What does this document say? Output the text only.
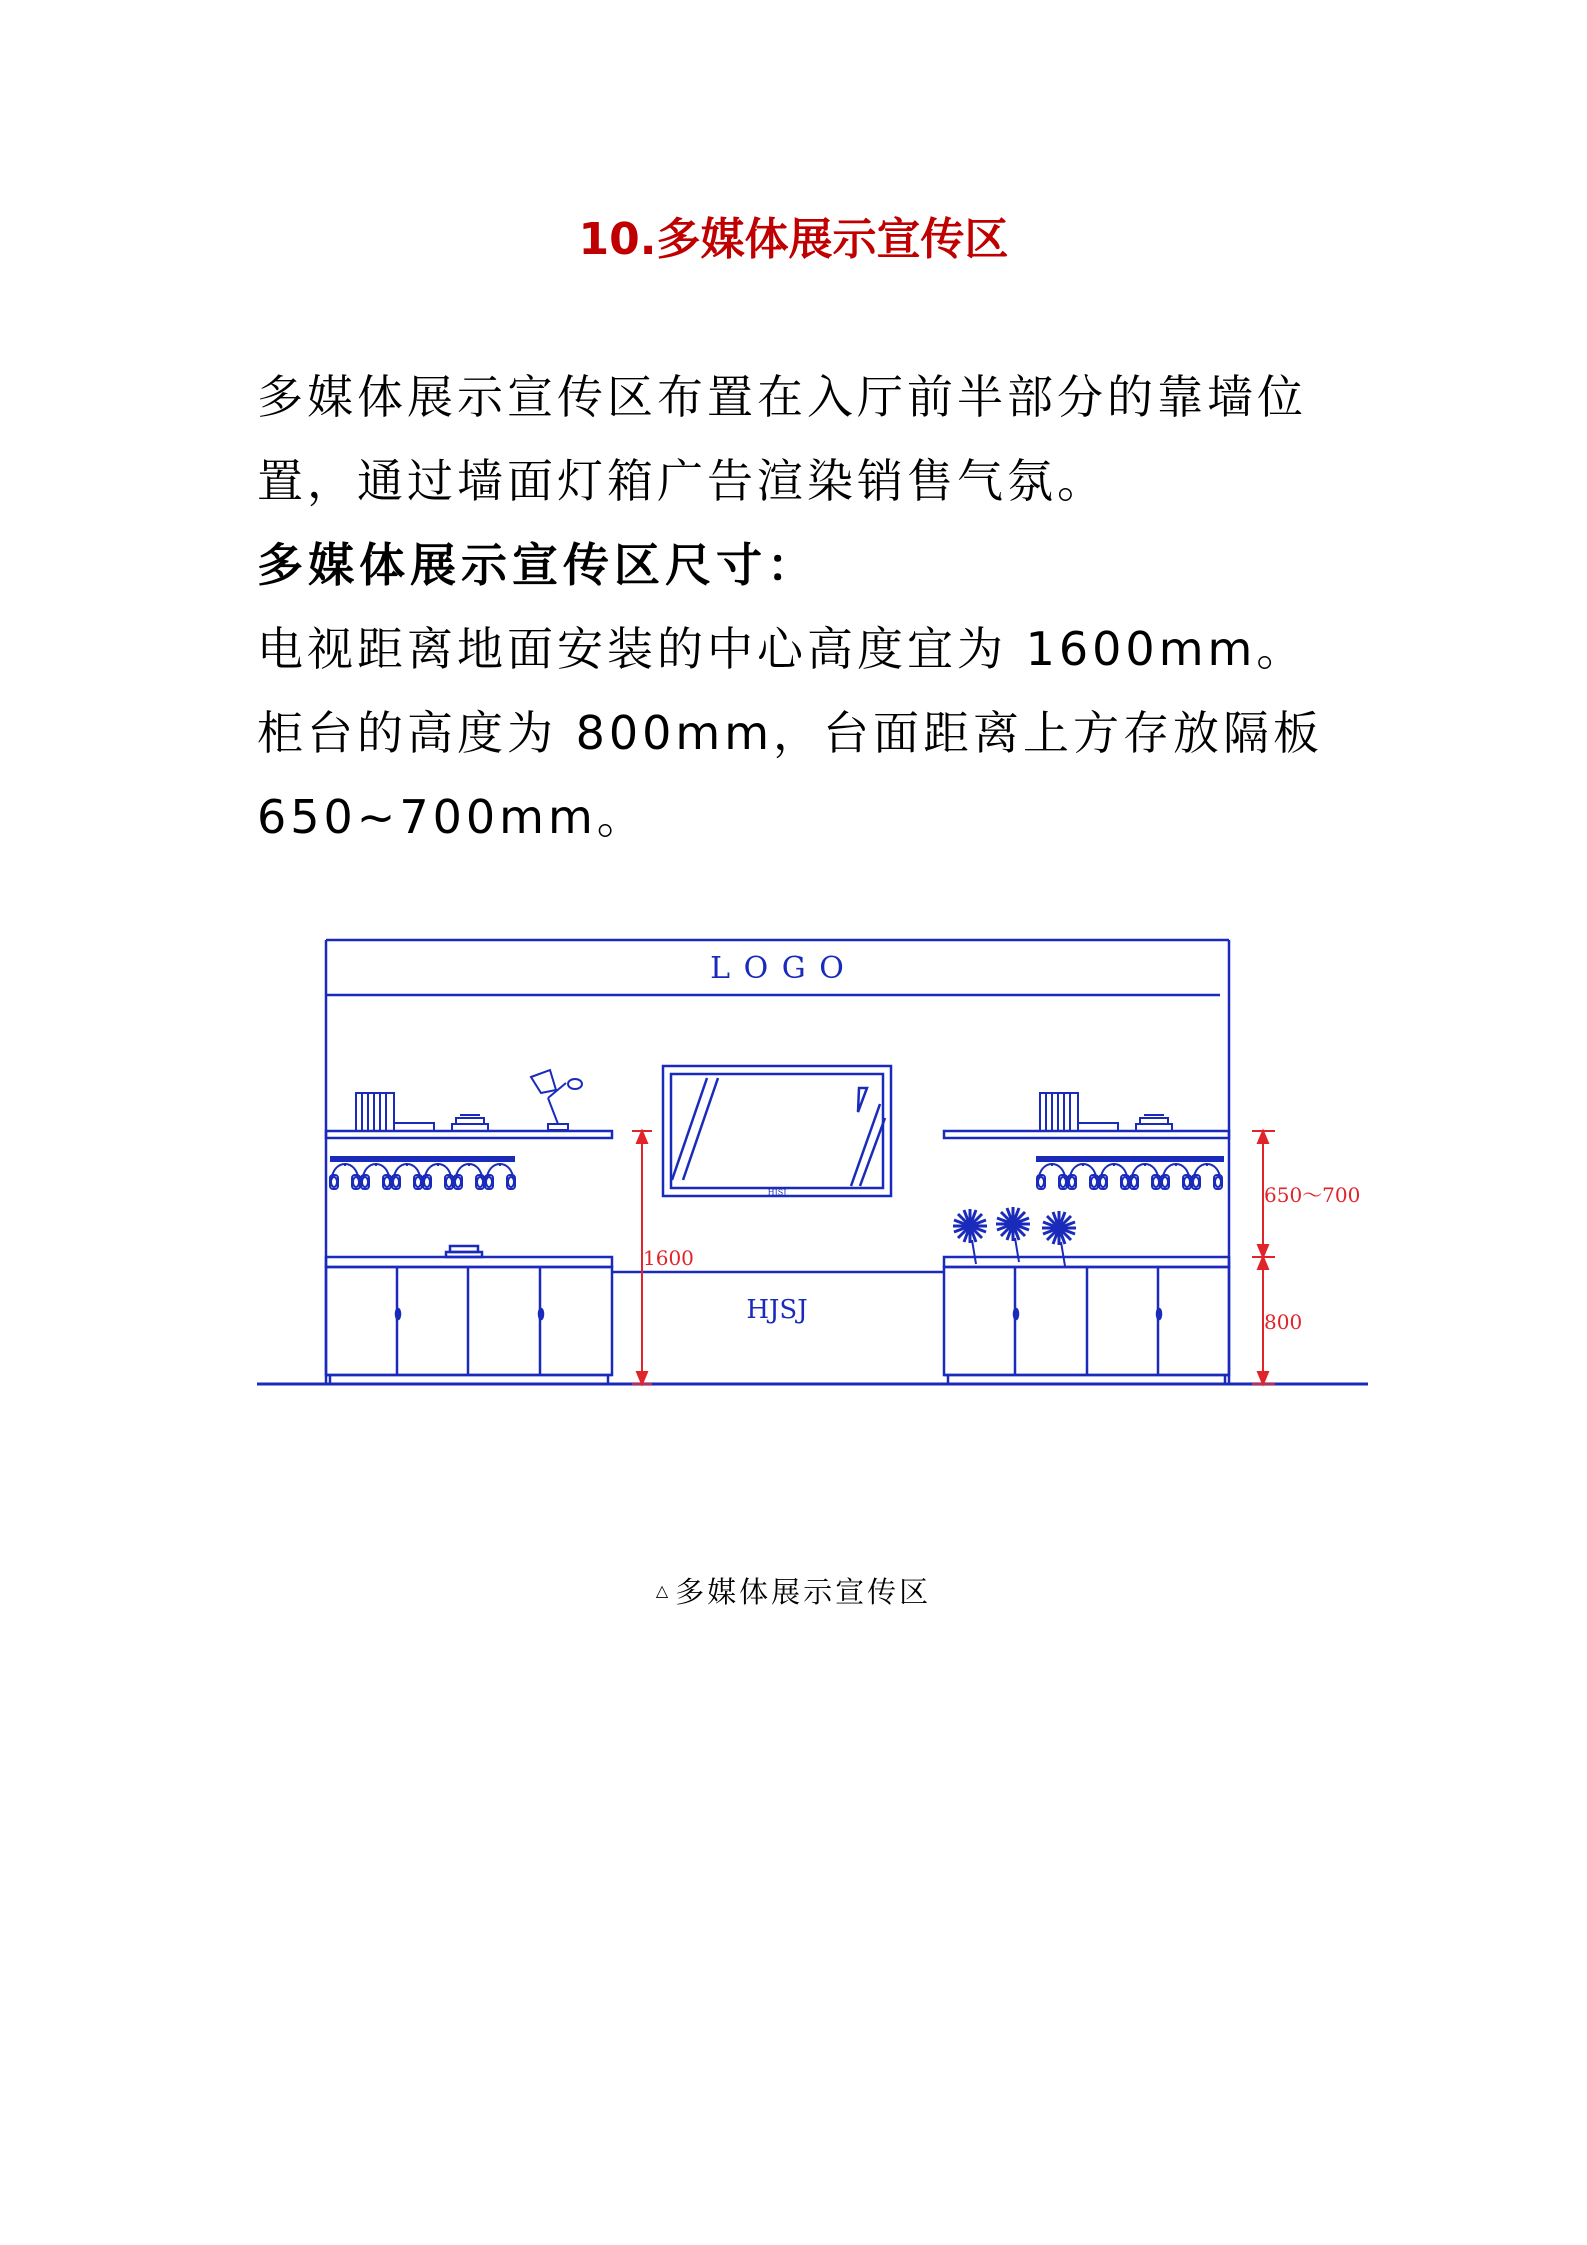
10.多媒体展示宣传区
多媒体展示宣传区布置在入厅前半部分的靠墙位
置，通过墙面灯箱广告渲染销售气氛。
多媒体展示宣传区尺寸：
电视距离地面安装的中心高度宜为 1600mm。
柜台的高度为 800mm，台面距离上方存放隔板
650~700mm。
L O G O
HJSJ
HJSJ
1600
650～700
800
△ 多媒体展示宣传区
